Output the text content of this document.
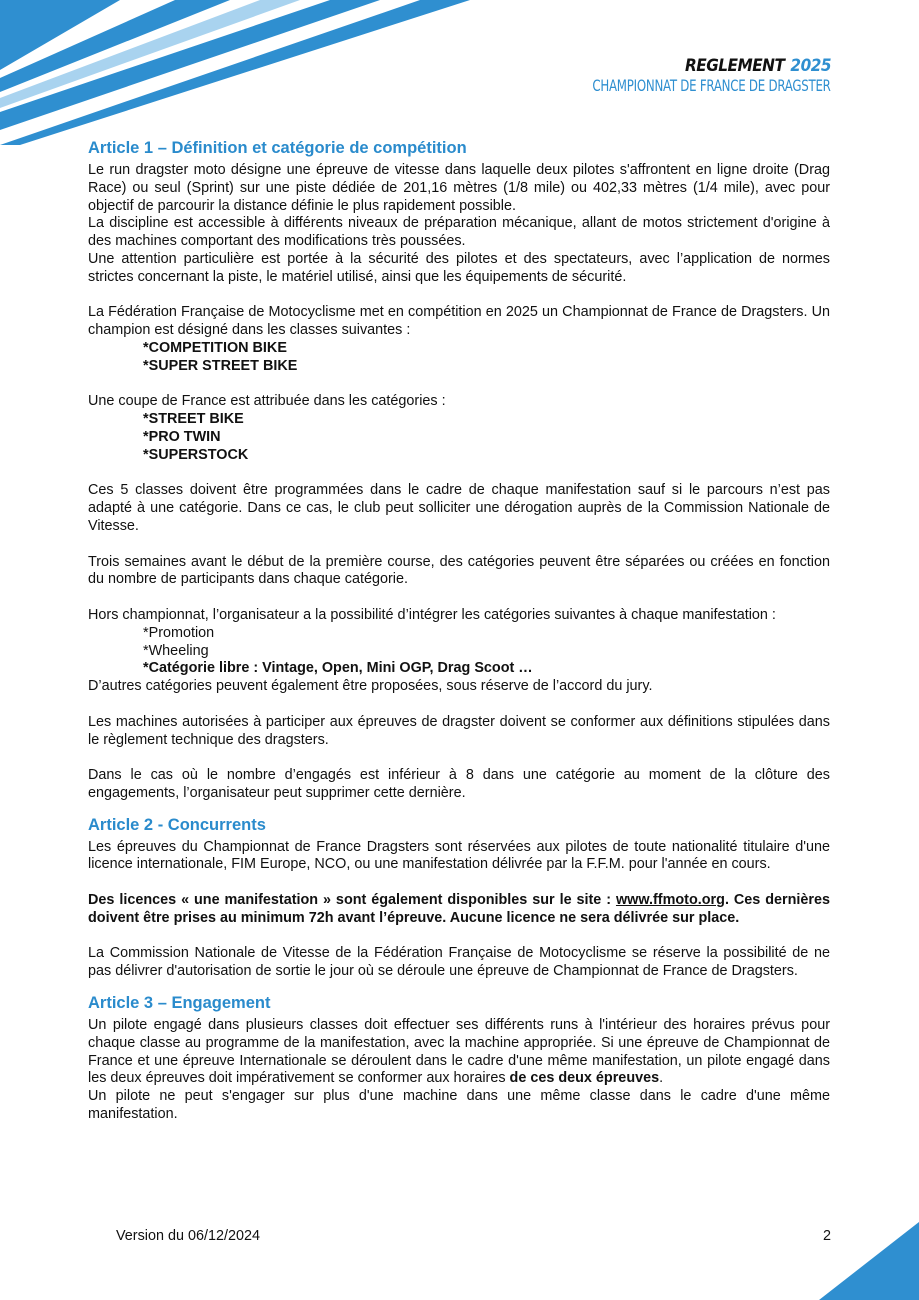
REGLEMENT 2025
CHAMPIONNAT DE FRANCE DE DRAGSTER
Article 1 – Définition et catégorie de compétition

Le run dragster moto désigne une épreuve de vitesse dans laquelle deux pilotes s'affrontent en ligne droite (Drag Race) ou seul (Sprint) sur une piste dédiée de 201,16 mètres (1/8 mile) ou 402,33 mètres (1/4 mile), avec pour objectif de parcourir la distance définie le plus rapidement possible.

La discipline est accessible à différents niveaux de préparation mécanique, allant de motos strictement d'origine à des machines comportant des modifications très poussées.

Une attention particulière est portée à la sécurité des pilotes et des spectateurs, avec l’application de normes strictes concernant la piste, le matériel utilisé, ainsi que les équipements de sécurité.

La Fédération Française de Motocyclisme met en compétition en 2025 un Championnat de France de Dragsters. Un champion est désigné dans les classes suivantes :

*COMPETITION BIKE

*SUPER STREET BIKE

Une coupe de France est attribuée dans les catégories :

*STREET BIKE

*PRO TWIN

*SUPERSTOCK

Ces 5 classes doivent être programmées dans le cadre de chaque manifestation sauf si le parcours n’est pas adapté à une catégorie. Dans ce cas, le club peut solliciter une dérogation auprès de la Commission Nationale de Vitesse.

Trois semaines avant le début de la première course, des catégories peuvent être séparées ou créées en fonction du nombre de participants dans chaque catégorie.

Hors championnat, l’organisateur a la possibilité d’intégrer les catégories suivantes à chaque manifestation :

*Promotion

*Wheeling

*Catégorie libre : Vintage, Open, Mini OGP, Drag Scoot …

D’autres catégories peuvent également être proposées, sous réserve de l’accord du jury.

Les machines autorisées à participer aux épreuves de dragster doivent se conformer aux définitions stipulées dans le règlement technique des dragsters.

Dans le cas où le nombre d’engagés est inférieur à 8 dans une catégorie au moment de la clôture des engagements, l’organisateur peut supprimer cette dernière.

Article 2 - Concurrents

Les épreuves du Championnat de France Dragsters sont réservées aux pilotes de toute nationalité titulaire d'une licence internationale, FIM Europe, NCO, ou une manifestation délivrée par la F.F.M. pour l'année en cours.

Des licences « une manifestation » sont également disponibles sur le site : www.ffmoto.org. Ces dernières doivent être prises au minimum 72h avant l’épreuve. Aucune licence ne sera délivrée sur place.

La Commission Nationale de Vitesse de la Fédération Française de Motocyclisme se réserve la possibilité de ne pas délivrer d'autorisation de sortie le jour où se déroule une épreuve de Championnat de France de Dragsters.

Article 3 – Engagement

Un pilote engagé dans plusieurs classes doit effectuer ses différents runs à l'intérieur des horaires prévus pour chaque classe au programme de la manifestation, avec la machine appropriée. Si une épreuve de Championnat de France et une épreuve Internationale se déroulent dans le cadre d'une même manifestation, un pilote engagé dans les deux épreuves doit impérativement se conformer aux horaires de ces deux épreuves.

Un pilote ne peut s'engager sur plus d'une machine dans une même classe dans le cadre d'une même manifestation.

Version du 06/12/2024	2
